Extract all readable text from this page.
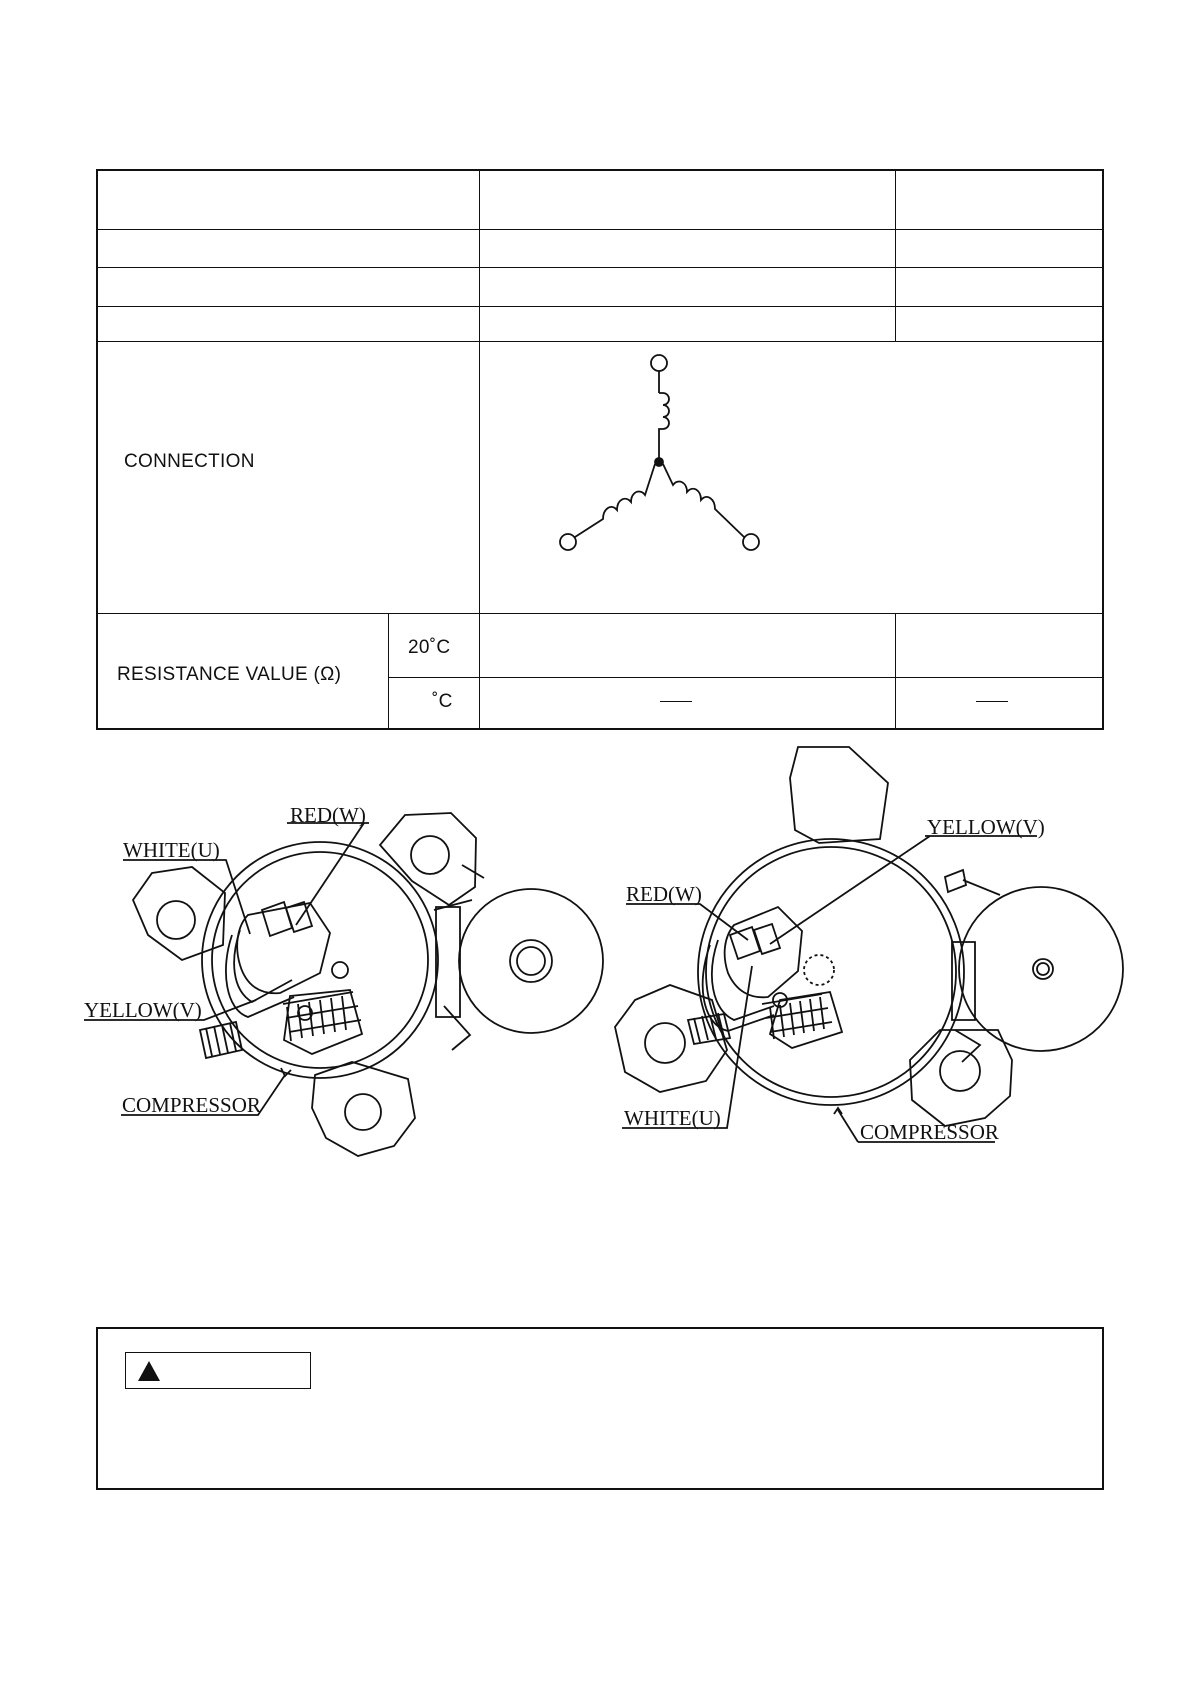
CONNECTION
RESISTANCE VALUE (Ω)
20˚C
˚C
RED(W)
WHITE(U)
YELLOW(V)
COMPRESSOR
YELLOW(V)
RED(W)
WHITE(U)
COMPRESSOR
